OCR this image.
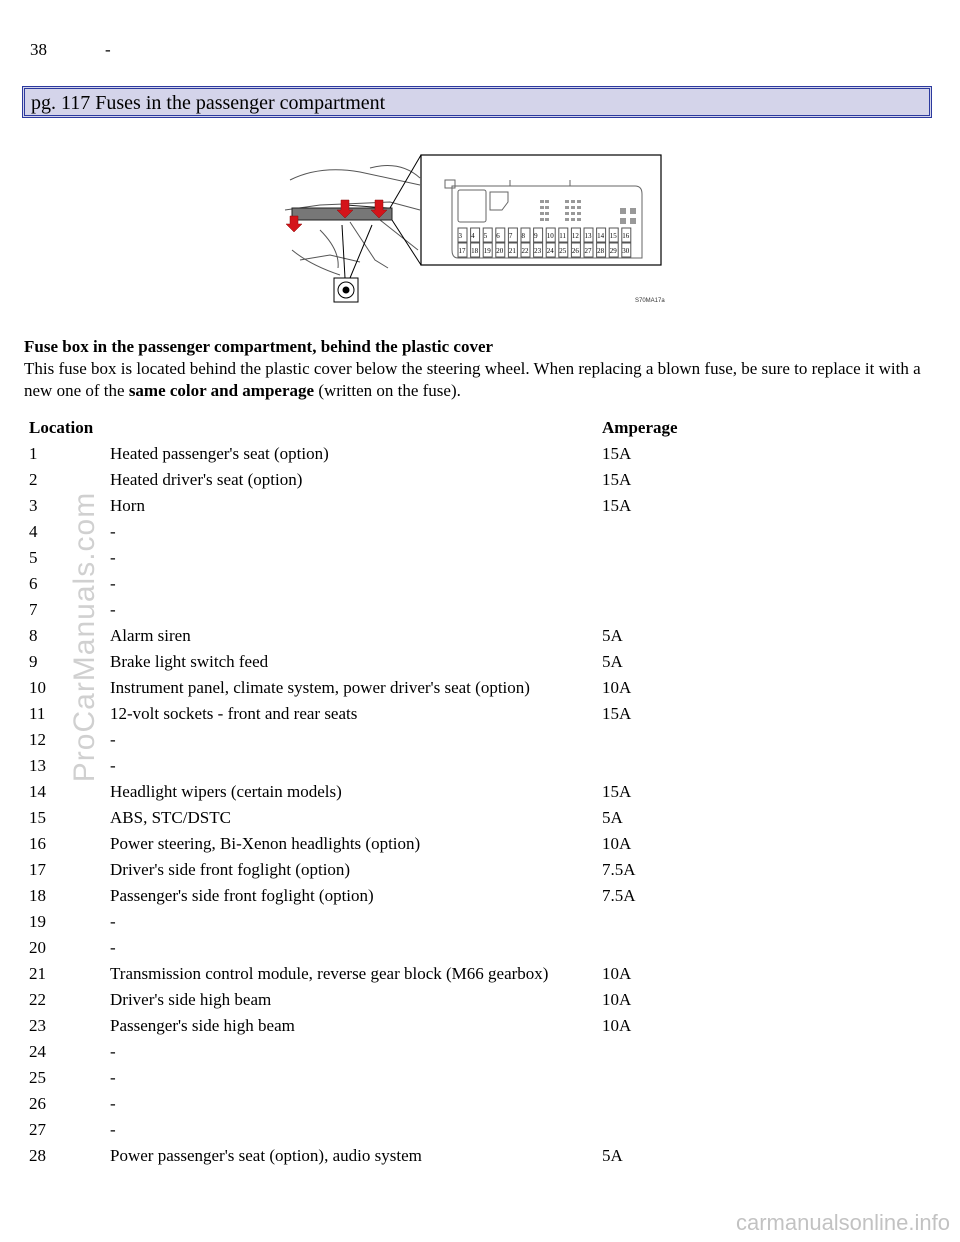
38	-
pg. 117 Fuses in the passenger compartment
3 4 5 6 7 8 9 10 11 12 13 14 15 16
17 18 19 20 21 22 23 24 25 26 27 28 29 30
S70MA17a
Fuse box in the passenger compartment, behind the plastic cover
This fuse box is located behind the plastic cover below the steering wheel. When replacing a blown fuse, be sure to replace it with a new one of the same color and amperage (written on the fuse).
Location		Amperage
1	Heated passenger's seat (option)	15A
2	Heated driver's seat (option)	15A
3	Horn	15A
4	-	
5	-	
6	-	
7	-	
8	Alarm siren	5A
9	Brake light switch feed	5A
10	Instrument panel, climate system, power driver's seat (option)	10A
11	12-volt sockets - front and rear seats	15A
12	-	
13	-	
14	Headlight wipers (certain models)	15A
15	ABS, STC/DSTC	5A
16	Power steering, Bi-Xenon headlights (option)	10A
17	Driver's side front foglight (option)	7.5A
18	Passenger's side front foglight (option)	7.5A
19	-	
20	-	
21	Transmission control module, reverse gear block (M66 gearbox)	10A
22	Driver's side high beam	10A
23	Passenger's side high beam	10A
24	-	
25	-	
26	-	
27	-	
28	Power passenger's seat (option), audio system	5A
ProCarManuals.com
carmanualsonline.info
